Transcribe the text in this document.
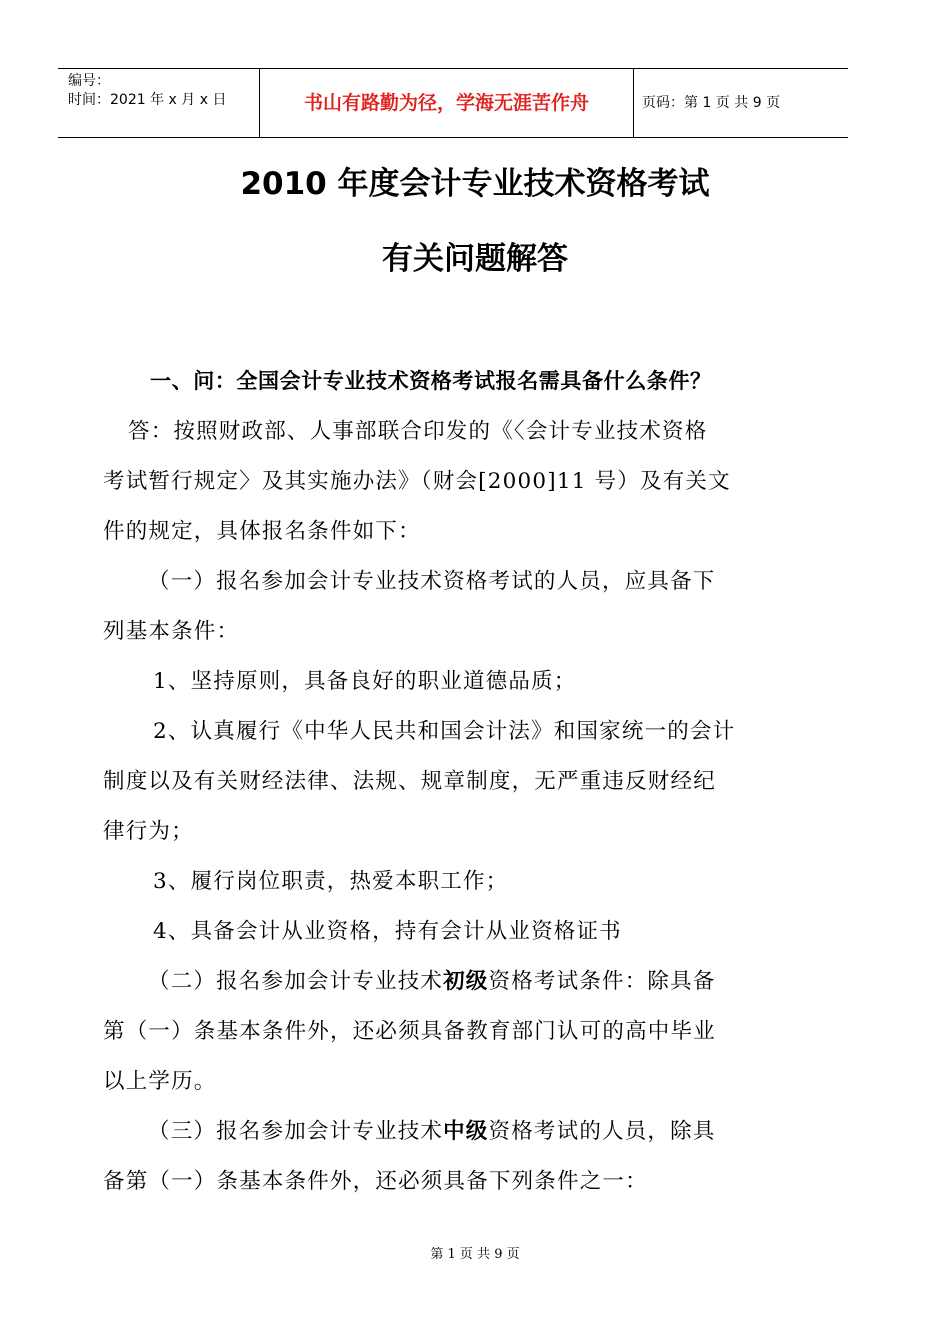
编号：
时间：2021 年 x 月 x 日	书山有路勤为径，学海无涯苦作舟	页码：第 1 页 共 9 页
2010 年度会计专业技术资格考试
有关问题解答
一、问：全国会计专业技术资格考试报名需具备什么条件？
答：按照财政部、人事部联合印发的《〈会计专业技术资格
考试暂行规定〉及其实施办法》（财会[2000]11 号）及有关文
件的规定，具体报名条件如下：
（一）报名参加会计专业技术资格考试的人员，应具备下
列基本条件：
1、坚持原则，具备良好的职业道德品质；
2、认真履行《中华人民共和国会计法》和国家统一的会计
制度以及有关财经法律、法规、规章制度，无严重违反财经纪
律行为；
3、履行岗位职责，热爱本职工作；
4、具备会计从业资格，持有会计从业资格证书
（二）报名参加会计专业技术初级资格考试条件：除具备
第（一）条基本条件外，还必须具备教育部门认可的高中毕业
以上学历。
（三）报名参加会计专业技术中级资格考试的人员，除具
备第（一）条基本条件外，还必须具备下列条件之一：
第 1 页 共 9 页
